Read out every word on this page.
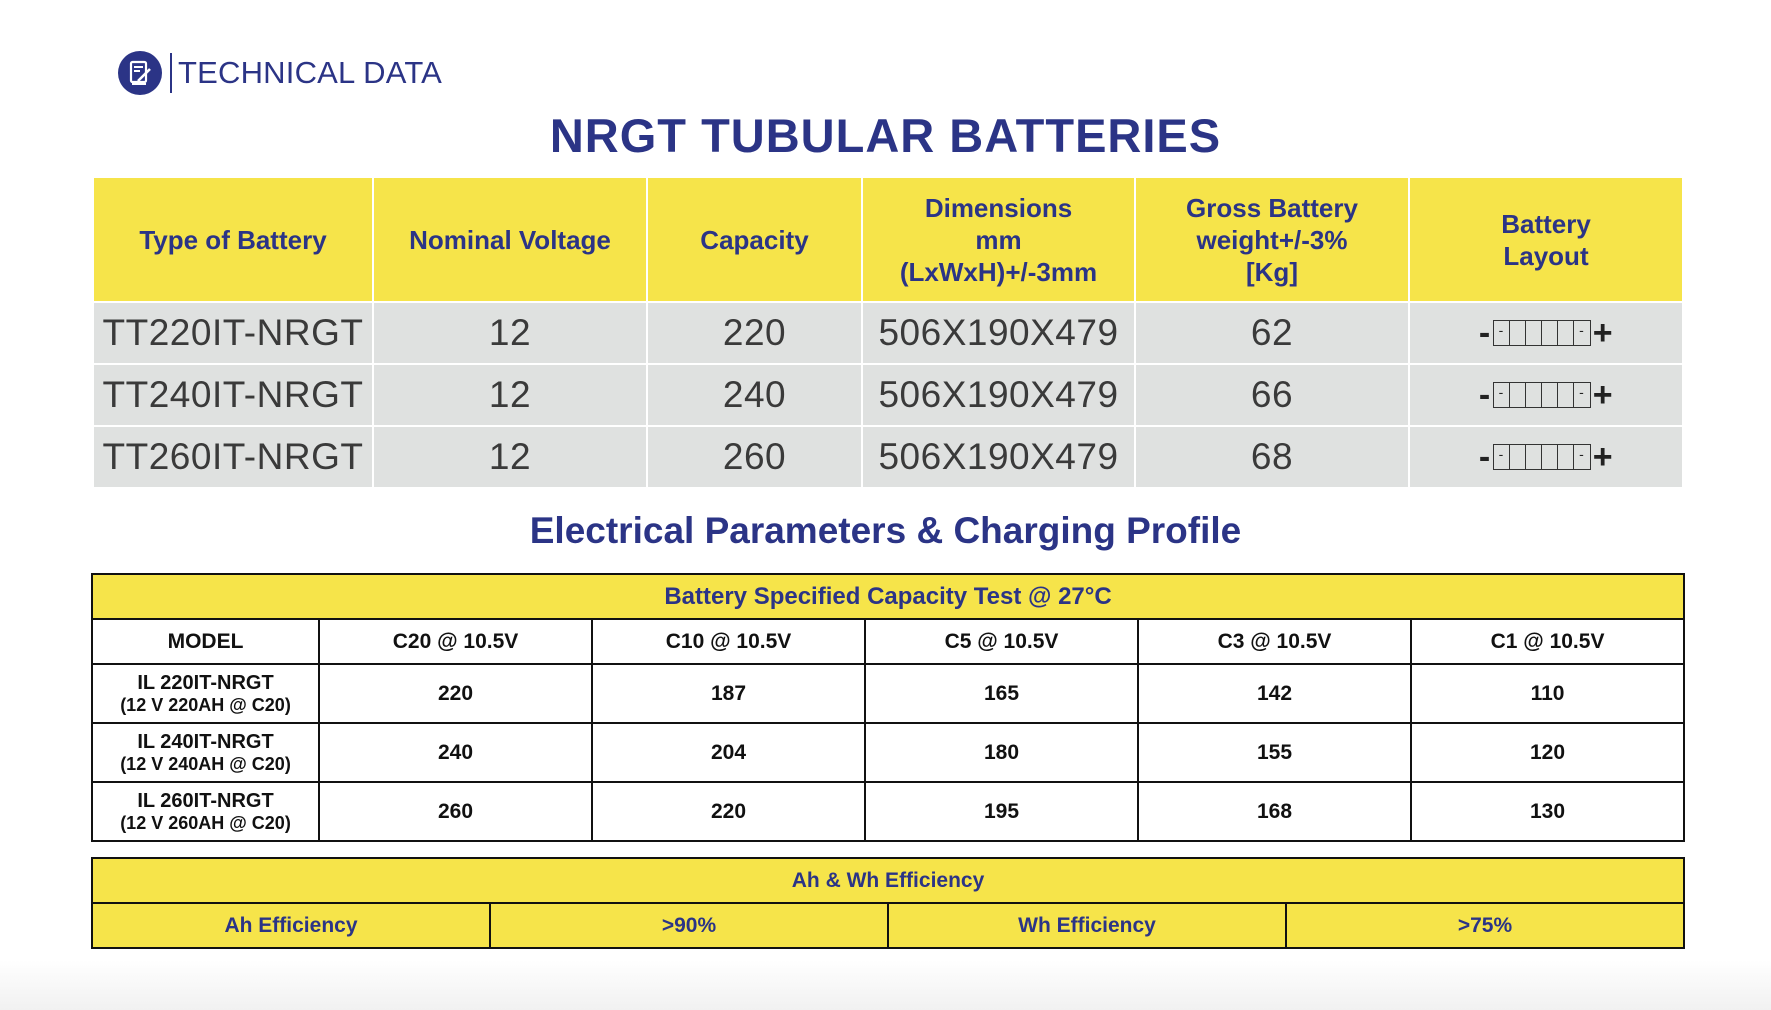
TECHNICAL DATA
NRGT TUBULAR BATTERIES
Type of Battery	Nominal Voltage	Capacity	Dimensions mm (LxWxH)+/-3mm	Gross Battery weight+/-3% [Kg]	Battery Layout

TT220IT-NRGT	12	220	506X190X479	62	- - - +

TT240IT-NRGT	12	240	506X190X479	66	- - - +

TT260IT-NRGT	12	260	506X190X479	68	- - - +
Electrical Parameters & Charging Profile
Battery Specified Capacity Test @ 27°C					
MODEL	C20 @ 10.5V	C10 @ 10.5V	C5 @ 10.5V	C3 @ 10.5V	C1 @ 10.5V

IL 220IT-NRGT
(12 V 220AH @ C20)	220	187	165	142	110

IL 240IT-NRGT
(12 V 240AH @ C20)	240	204	180	155	120

IL 260IT-NRGT
(12 V 260AH @ C20)	260	220	195	168	130
Ah & Wh Efficiency
Ah Efficiency	>90%	Wh Efficiency	>75%
